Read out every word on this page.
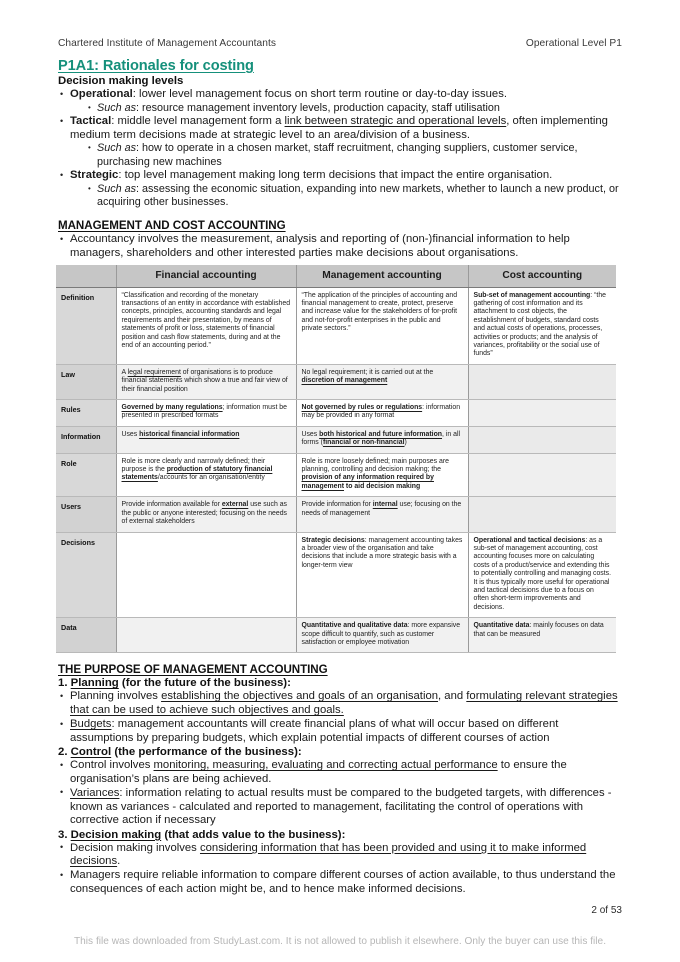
Chartered Institute of Management Accountants	Operational Level P1
P1A1: Rationales for costing
Decision making levels
• Operational: lower level management focus on short term routine or day-to-day issues.
• Such as: resource management inventory levels, production capacity, staff utilisation
• Tactical: middle level management form a link between strategic and operational levels, often implementing medium term decisions made at strategic level to an area/division of a business.
• Such as: how to operate in a chosen market, staff recruitment, changing suppliers, customer service, purchasing new machines
• Strategic: top level management making long term decisions that impact the entire organisation.
• Such as: assessing the economic situation, expanding into new markets, whether to launch a new product, or acquiring other businesses.
MANAGEMENT AND COST ACCOUNTING
• Accountancy involves the measurement, analysis and reporting of (non-)financial information to help managers, shareholders and other interested parties make decisions about organisations.
	Financial accounting	Management accounting	Cost accounting
Definition	“Classification and recording of the monetary transactions of an entity in accordance with established concepts, principles, accounting standards and legal requirements and their presentation, by means of statements of profit or loss, statements of financial position and cash flow statements, during and at the end of an accounting period.”	“The application of the principles of accounting and financial management to create, protect, preserve and increase value for the stakeholders of for-profit and not-for-profit enterprises in the public and private sectors.”	Sub-set of management accounting: “the gathering of cost information and its attachment to cost objects, the establishment of budgets, standard costs and actual costs of operations, processes, activities or products; and the analysis of variances, profitability or the social use of funds”
Law	A legal requirement of organisations is to produce financial statements which show a true and fair view of their financial position	No legal requirement; it is carried out at the discretion of management	
Rules	Governed by many regulations; information must be presented in prescribed formats	Not governed by rules or regulations: information may be provided in any format	
Information	Uses historical financial information	Uses both historical and future information, in all forms (financial or non-financial)	
Role	Role is more clearly and narrowly defined; their purpose is the production of statutory financial statements/accounts for an organisation/entity	Role is more loosely defined; main purposes are planning, controlling and decision making; the provision of any information required by management to aid decision making	
Users	Provide information available for external use such as the public or anyone interested; focusing on the needs of external stakeholders	Provide information for internal use; focusing on the needs of management	
Decisions		Strategic decisions: management accounting takes a broader view of the organisation and take decisions that include a more strategic basis with a longer-term view	Operational and tactical decisions: as a sub-set of management accounting, cost accounting focuses more on calculating costs of a product/service and extending this to potentially controlling and managing costs. It is thus typically more useful for operational and tactical decisions due to a focus on often short-term improvements and decisions.
Data		Quantitative and qualitative data: more expansive scope difficult to quantify, such as customer satisfaction or employee motivation	Quantitative data: mainly focuses on data that can be measured
THE PURPOSE OF MANAGEMENT ACCOUNTING
1. Planning (for the future of the business):
• Planning involves establishing the objectives and goals of an organisation, and formulating relevant strategies that can be used to achieve such objectives and goals.
• Budgets: management accountants will create financial plans of what will occur based on different assumptions by preparing budgets, which explain potential impacts of different courses of action
2. Control (the performance of the business):
• Control involves monitoring, measuring, evaluating and correcting actual performance to ensure the organisation’s plans are being achieved.
• Variances: information relating to actual results must be compared to the budgeted targets, with differences - known as variances - calculated and reported to management, facilitating the control of operations with corrective action if necessary
3. Decision making (that adds value to the business):
• Decision making involves considering information that has been provided and using it to make informed decisions.
• Managers require reliable information to compare different courses of action available, to thus understand the consequences of each action might be, and to hence make informed decisions.
2 of 53
This file was downloaded from StudyLast.com. It is not allowed to publish it elsewhere. Only the buyer can use this file.
